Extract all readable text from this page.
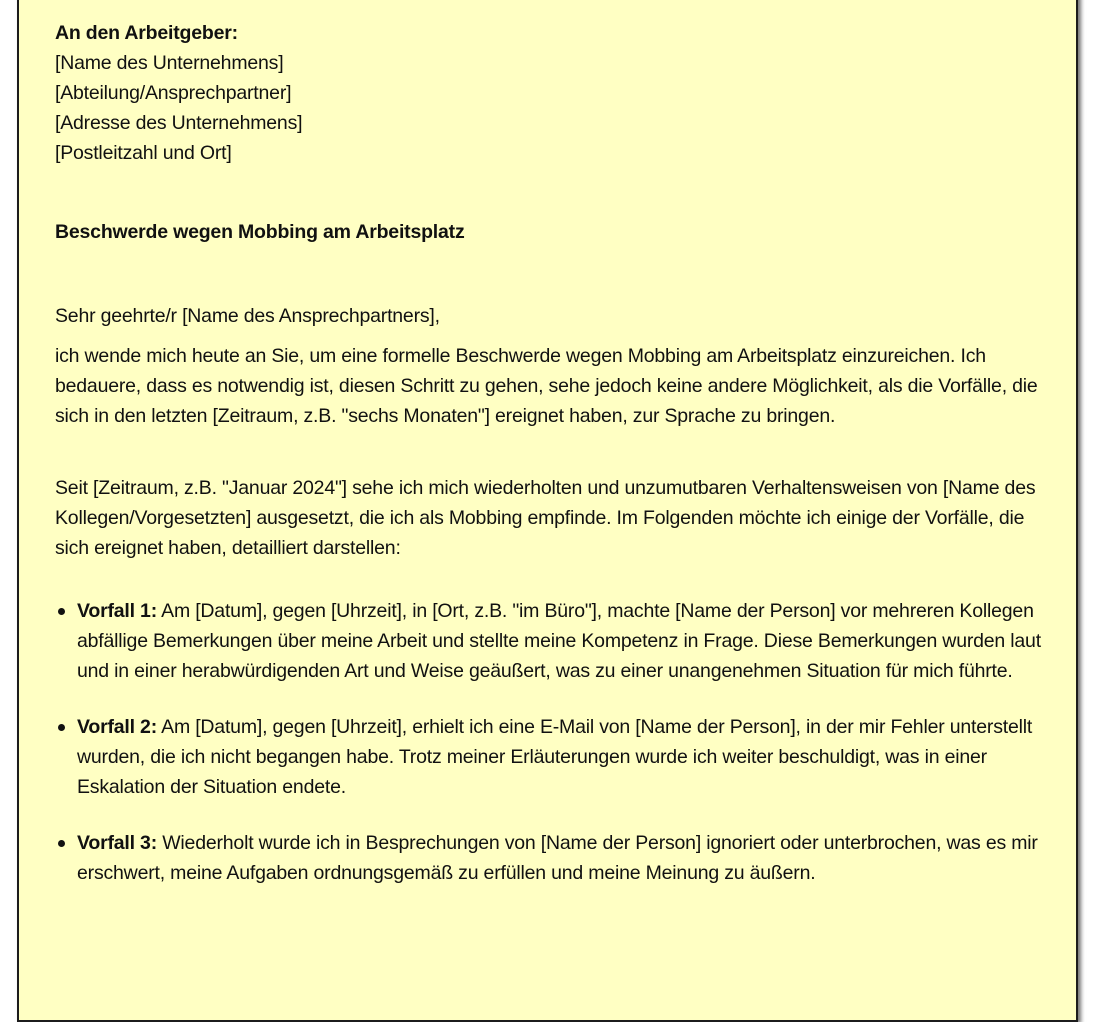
An den Arbeitgeber:

[Name des Unternehmens]

[Abteilung/Ansprechpartner]

[Adresse des Unternehmens]

[Postleitzahl und Ort]

Beschwerde wegen Mobbing am Arbeitsplatz

Sehr geehrte/r [Name des Ansprechpartners],

ich wende mich heute an Sie, um eine formelle Beschwerde wegen Mobbing am Arbeitsplatz einzureichen. Ich bedauere, dass es notwendig ist, diesen Schritt zu gehen, sehe jedoch keine andere Möglichkeit, als die Vorfälle, die sich in den letzten [Zeitraum, z.B. "sechs Monaten"] ereignet haben, zur Sprache zu bringen.

Seit [Zeitraum, z.B. "Januar 2024"] sehe ich mich wiederholten und unzumutbaren Verhaltensweisen von [Name des Kollegen/Vorgesetzten] ausgesetzt, die ich als Mobbing empfinde. Im Folgenden möchte ich einige der Vorfälle, die sich ereignet haben, detailliert darstellen:

Vorfall 1: Am [Datum], gegen [Uhrzeit], in [Ort, z.B. "im Büro"], machte [Name der Person] vor mehreren Kollegen abfällige Bemerkungen über meine Arbeit und stellte meine Kompetenz in Frage. Diese Bemerkungen wurden laut und in einer herabwürdigenden Art und Weise geäußert, was zu einer unangenehmen Situation für mich führte.
Vorfall 2: Am [Datum], gegen [Uhrzeit], erhielt ich eine E-Mail von [Name der Person], in der mir Fehler unterstellt wurden, die ich nicht begangen habe. Trotz meiner Erläuterungen wurde ich weiter beschuldigt, was in einer Eskalation der Situation endete.
Vorfall 3: Wiederholt wurde ich in Besprechungen von [Name der Person] ignoriert oder unterbrochen, was es mir erschwert, meine Aufgaben ordnungsgemäß zu erfüllen und meine Meinung zu äußern.
